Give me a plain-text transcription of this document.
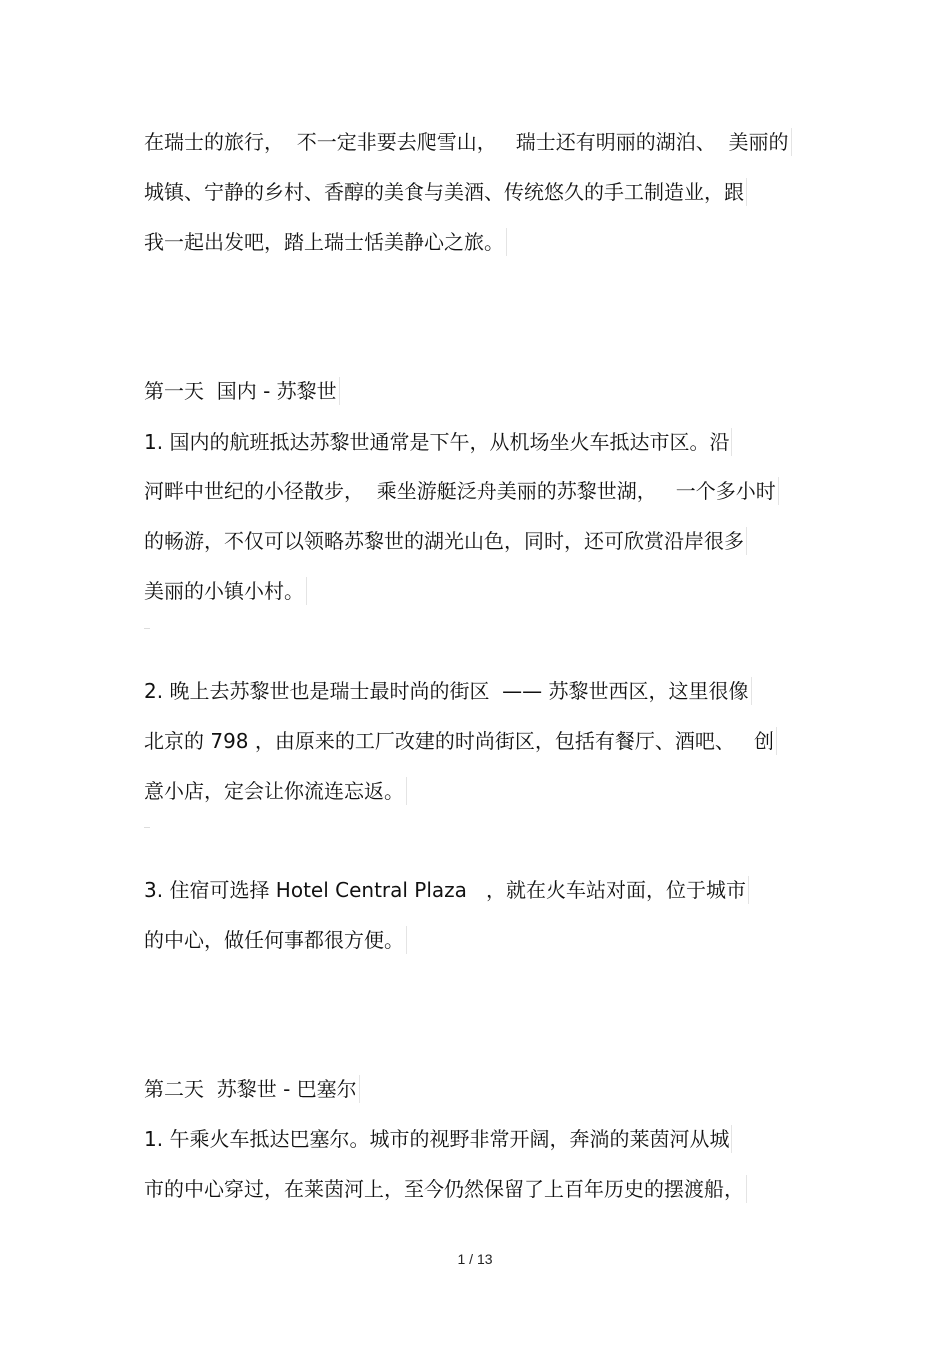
在瑞士的旅行，  不一定非要去爬雪山，   瑞士还有明丽的湖泊、  美丽的
城镇、宁静的乡村、香醇的美食与美酒、传统悠久的手工制造业，跟
我一起出发吧，踏上瑞士恬美静心之旅。
第一天  国内 - 苏黎世
1. 国内的航班抵达苏黎世通常是下午，从机场坐火车抵达市区。沿
河畔中世纪的小径散步，  乘坐游艇泛舟美丽的苏黎世湖，   一个多小时
的畅游，不仅可以领略苏黎世的湖光山色，同时，还可欣赏沿岸很多
美丽的小镇小村。
2. 晚上去苏黎世也是瑞士最时尚的街区  —— 苏黎世西区，这里很像
北京的 798 ，由原来的工厂改建的时尚街区，包括有餐厅、酒吧、   创
意小店，定会让你流连忘返。
3. 住宿可选择 Hotel Central Plaza   ，就在火车站对面，位于城市
的中心，做任何事都很方便。
第二天  苏黎世 - 巴塞尔
1. 午乘火车抵达巴塞尔。城市的视野非常开阔，奔淌的莱茵河从城
市的中心穿过，在莱茵河上，至今仍然保留了上百年历史的摆渡船，
1 / 13
